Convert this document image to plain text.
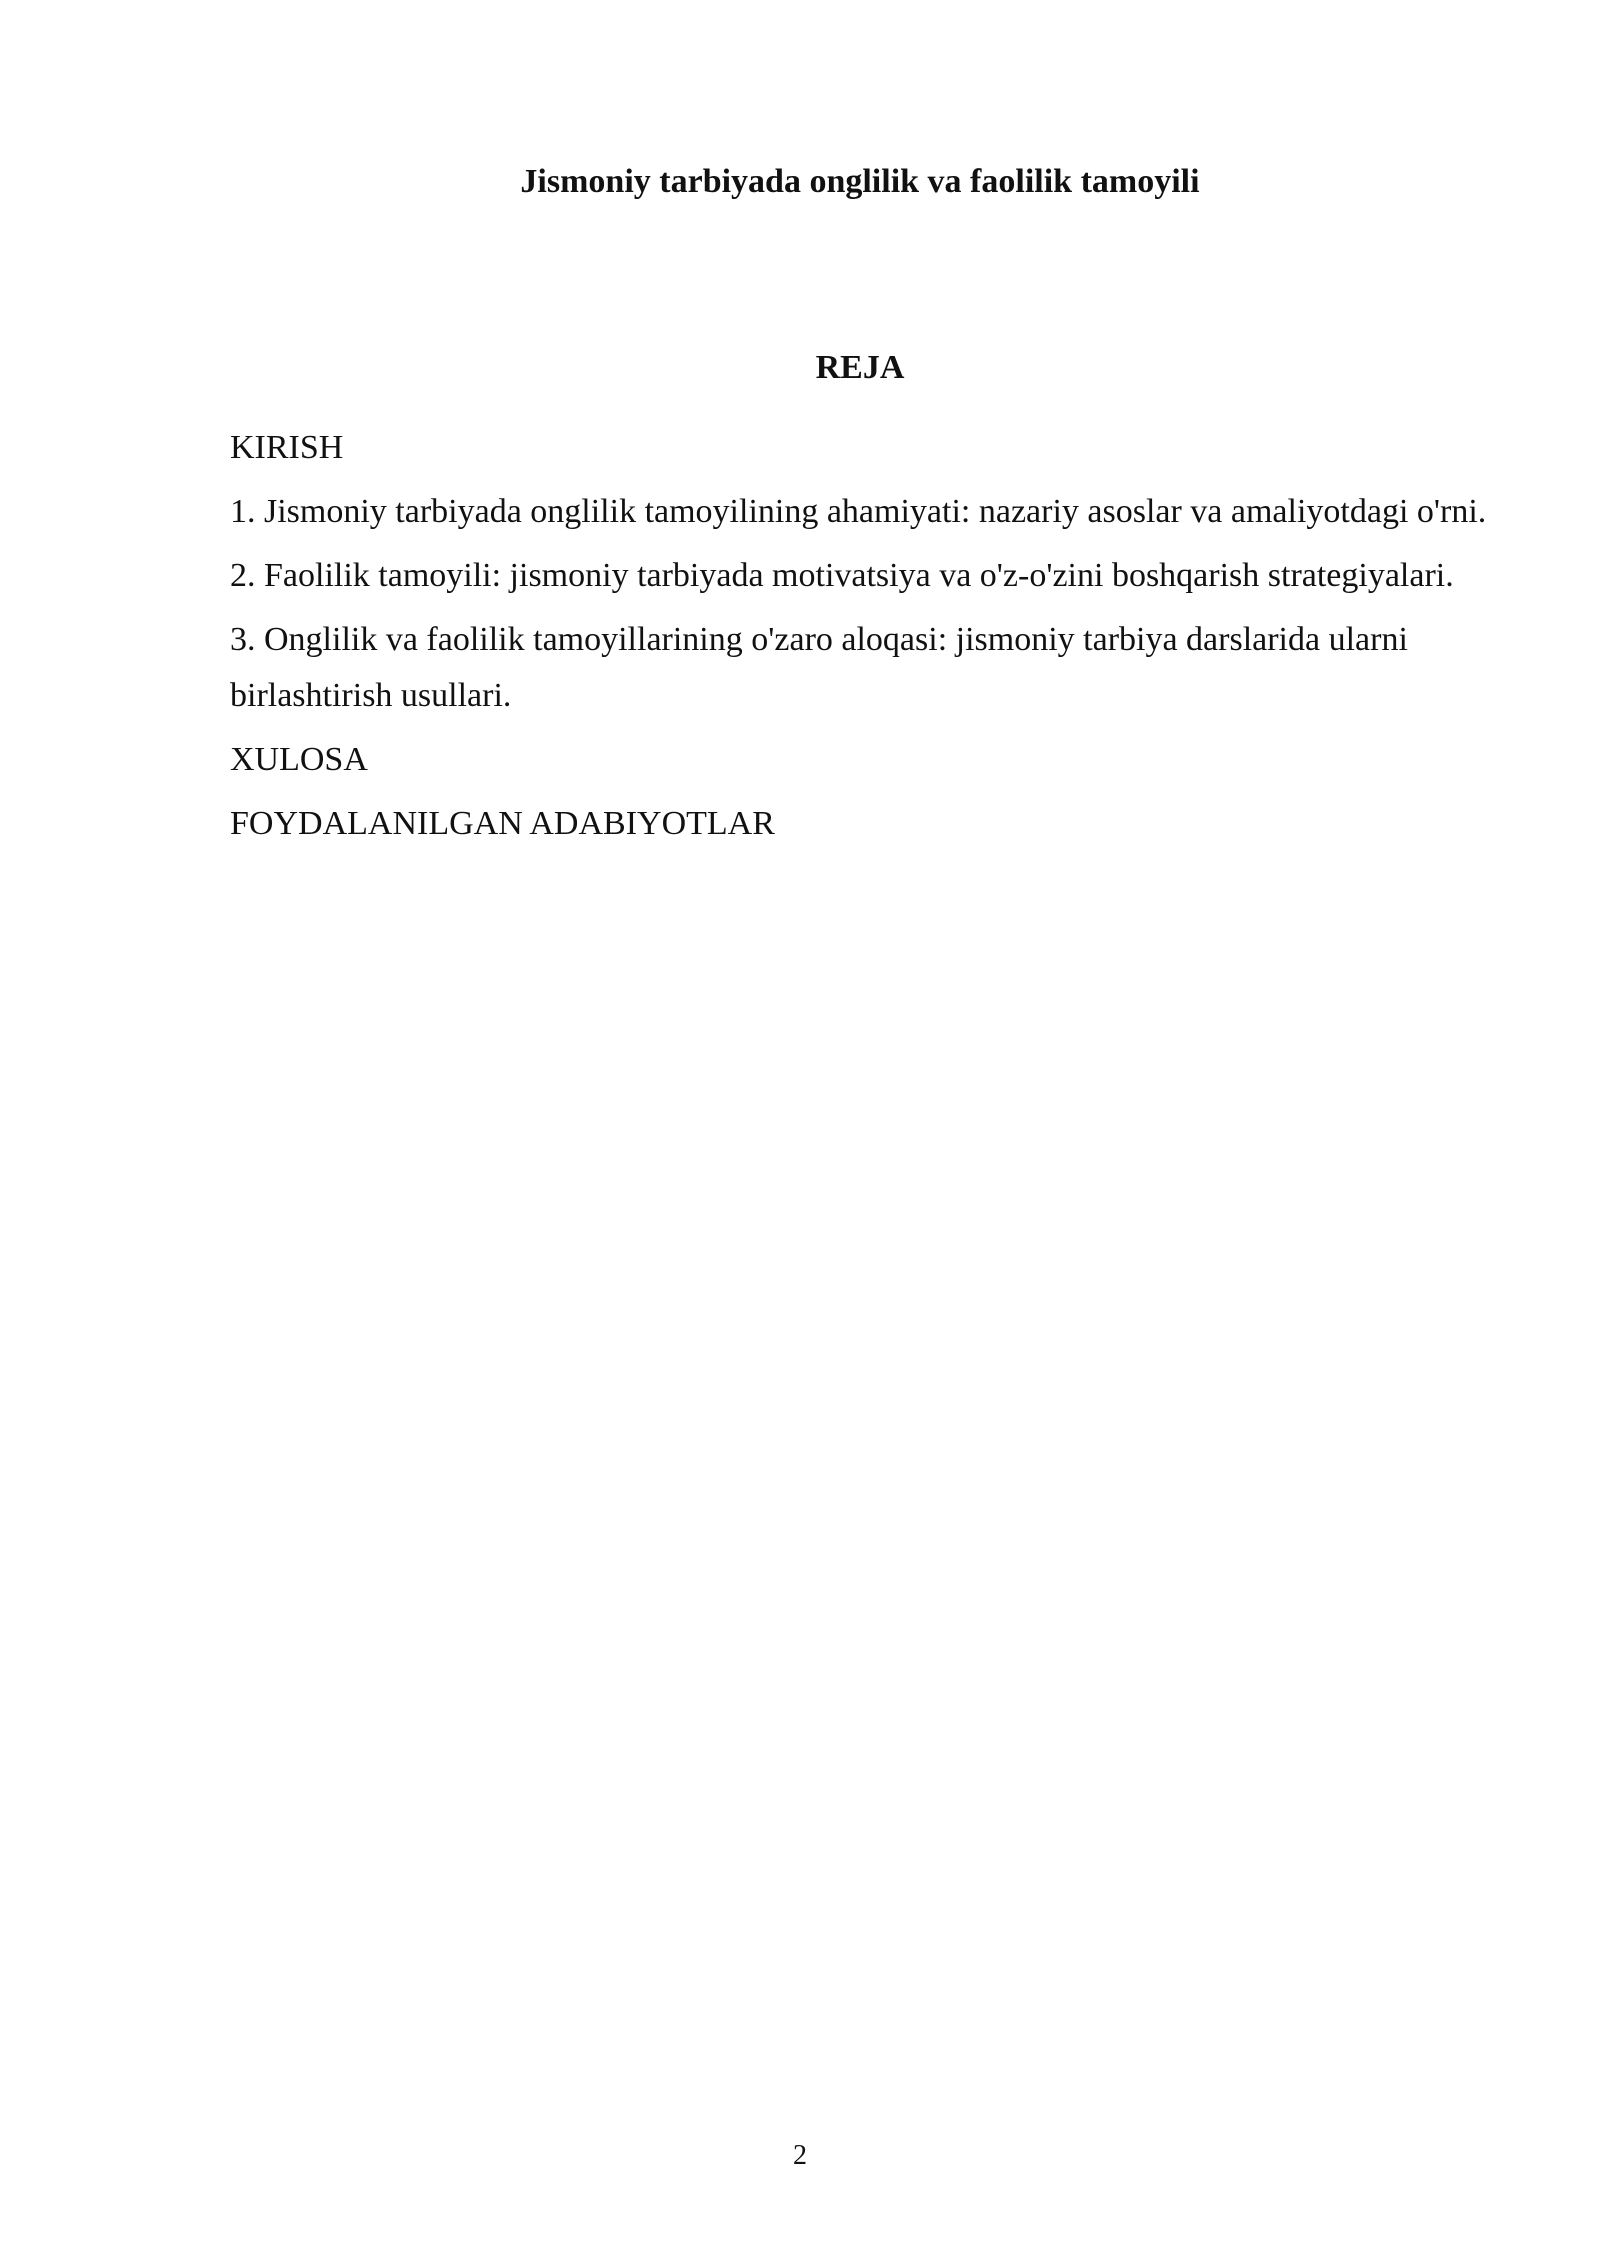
Jismoniy tarbiyada onglilik va faolilik tamoyili
REJA
KIRISH
1. Jismoniy tarbiyada onglilik tamoyilining ahamiyati: nazariy asoslar va amaliyotdagi o'rni.
2. Faolilik tamoyili: jismoniy tarbiyada motivatsiya va o'z-o'zini boshqarish strategiyalari.
3. Onglilik va faolilik tamoyillarining o'zaro aloqasi: jismoniy tarbiya darslarida ularni birlashtirish usullari.
XULOSA
FOYDALANILGAN ADABIYOTLAR
2
